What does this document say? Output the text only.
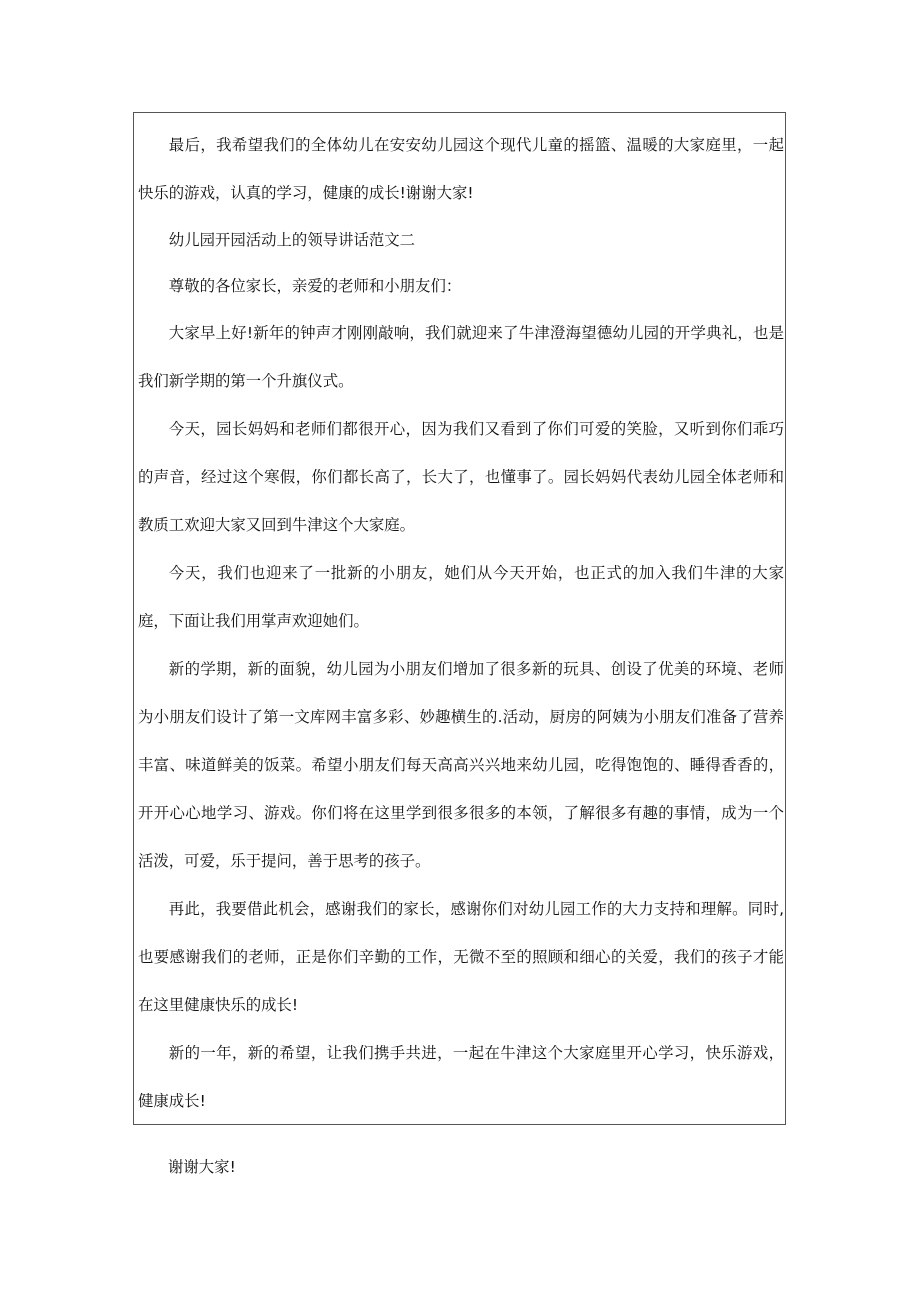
最后，我希望我们的全体幼儿在安安幼儿园这个现代儿童的摇篮、温暖的大家庭里，一起快乐的游戏，认真的学习，健康的成长!谢谢大家!

幼儿园开园活动上的领导讲话范文二

尊敬的各位家长，亲爱的老师和小朋友们：

大家早上好!新年的钟声才刚刚敲响，我们就迎来了牛津澄海望德幼儿园的开学典礼，也是我们新学期的第一个升旗仪式。

今天，园长妈妈和老师们都很开心，因为我们又看到了你们可爱的笑脸，又听到你们乖巧的声音，经过这个寒假，你们都长高了，长大了，也懂事了。园长妈妈代表幼儿园全体老师和教质工欢迎大家又回到牛津这个大家庭。

今天，我们也迎来了一批新的小朋友，她们从今天开始，也正式的加入我们牛津的大家庭，下面让我们用掌声欢迎她们。

新的学期，新的面貌，幼儿园为小朋友们增加了很多新的玩具、创设了优美的环境、老师为小朋友们设计了第一文库网丰富多彩、妙趣横生的.活动，厨房的阿姨为小朋友们准备了营养丰富、味道鲜美的饭菜。希望小朋友们每天高高兴兴地来幼儿园，吃得饱饱的、睡得香香的，开开心心地学习、游戏。你们将在这里学到很多很多的本领，了解很多有趣的事情，成为一个活泼，可爱，乐于提问，善于思考的孩子。

再此，我要借此机会，感谢我们的家长，感谢你们对幼儿园工作的大力支持和理解。同时,也要感谢我们的老师，正是你们辛勤的工作，无微不至的照顾和细心的关爱，我们的孩子才能在这里健康快乐的成长!

新的一年，新的希望，让我们携手共进，一起在牛津这个大家庭里开心学习，快乐游戏，健康成长!

谢谢大家!
